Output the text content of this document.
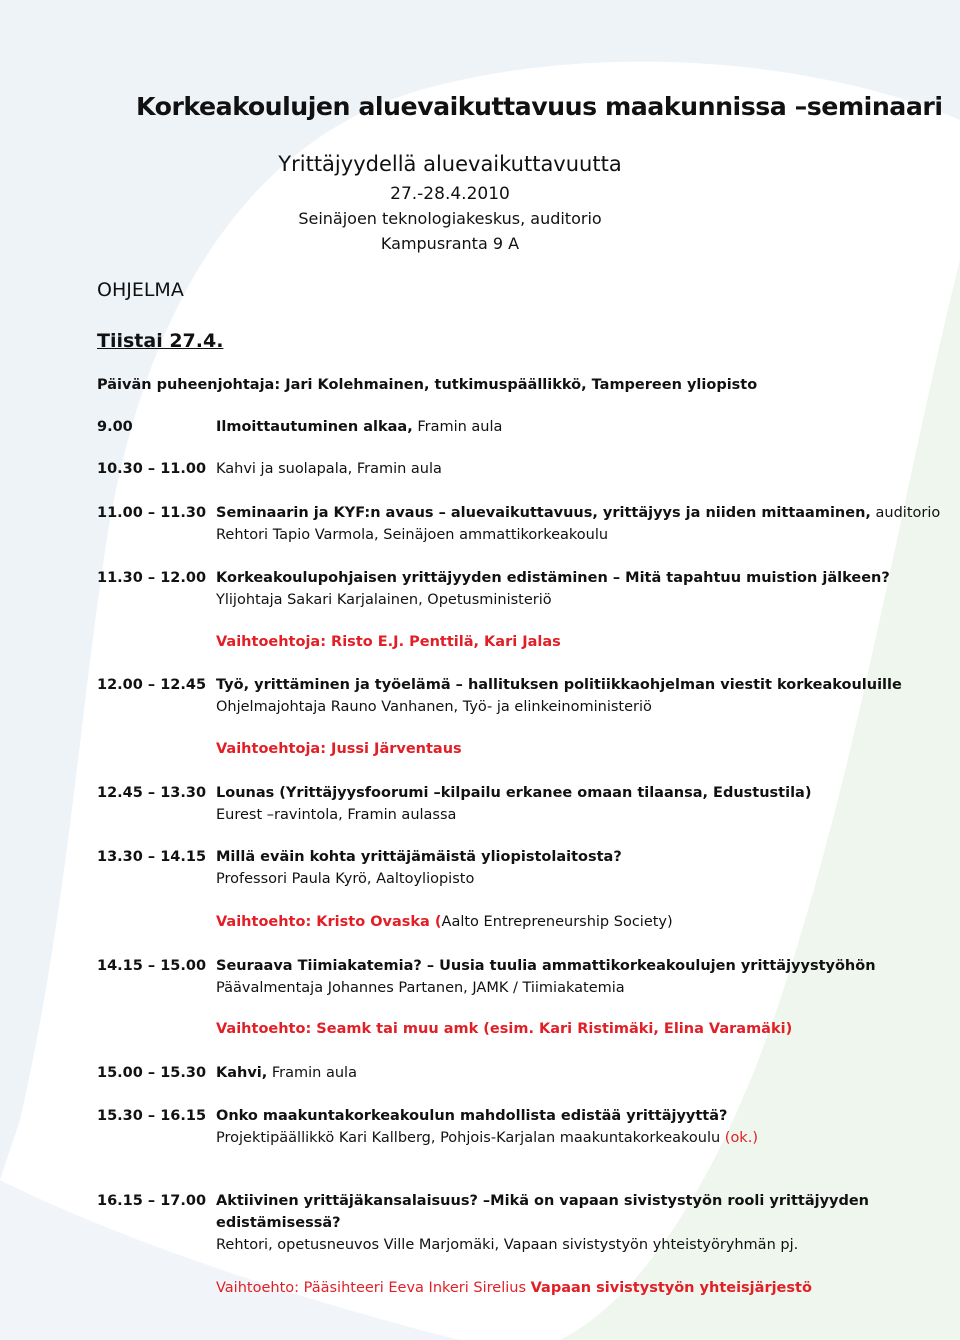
Korkeakoulujen aluevaikuttavuus maakunnissa –seminaari
Yrittäjyydellä aluevaikuttavuutta
27.-28.4.2010
Seinäjoen teknologiakeskus, auditorio
Kampusranta 9 A
OHJELMA
Tiistai 27.4.
Päivän puheenjohtaja: Jari Kolehmainen, tutkimuspäällikkö, Tampereen yliopisto
9.00	Ilmoittautuminen alkaa, Framin aula
10.30 – 11.00 Kahvi ja suolapala, Framin aula
11.00 – 11.30 Seminaarin ja KYF:n avaus – aluevaikuttavuus, yrittäjyys ja niiden mittaaminen, auditorio
Rehtori Tapio Varmola, Seinäjoen ammattikorkeakoulu
11.30 – 12.00 Korkeakoulupohjaisen yrittäjyyden edistäminen – Mitä tapahtuu muistion jälkeen?
Ylijohtaja Sakari Karjalainen, Opetusministeriö
Vaihtoehtoja: Risto E.J. Penttilä, Kari Jalas
12.00 – 12.45 Työ, yrittäminen ja työelämä – hallituksen politiikkaohjelman viestit korkeakouluille
Ohjelmajohtaja Rauno Vanhanen, Työ- ja elinkeinoministeriö
Vaihtoehtoja: Jussi Järventaus
12.45 – 13.30 Lounas (Yrittäjyysfoorumi –kilpailu erkanee omaan tilaansa, Edustustila)
Eurest –ravintola, Framin aulassa
13.30 – 14.15 Millä eväin kohta yrittäjämäistä yliopistolaitosta?
Professori Paula Kyrö, Aaltoyliopisto
Vaihtoehto: Kristo Ovaska (Aalto Entrepreneurship Society)
14.15 – 15.00 Seuraava Tiimiakatemia? – Uusia tuulia ammattikorkeakoulujen yrittäjyystyöhön
Päävalmentaja Johannes Partanen, JAMK / Tiimiakatemia
Vaihtoehto: Seamk tai muu amk (esim. Kari Ristimäki, Elina Varamäki)
15.00 – 15.30 Kahvi, Framin aula
15.30 – 16.15 Onko maakuntakorkeakoulun mahdollista edistää yrittäjyyttä?
Projektipäällikkö Kari Kallberg, Pohjois-Karjalan maakuntakorkeakoulu (ok.)
16.15 – 17.00 Aktiivinen yrittäjäkansalaisuus? –Mikä on vapaan sivistystyön rooli yrittäjyyden
edistämisessä?
Rehtori, opetusneuvos Ville Marjomäki, Vapaan sivistystyön yhteistyöryhmän pj.
Vaihtoehto: Pääsihteeri Eeva Inkeri Sirelius Vapaan sivistystyön yhteisjärjestö
